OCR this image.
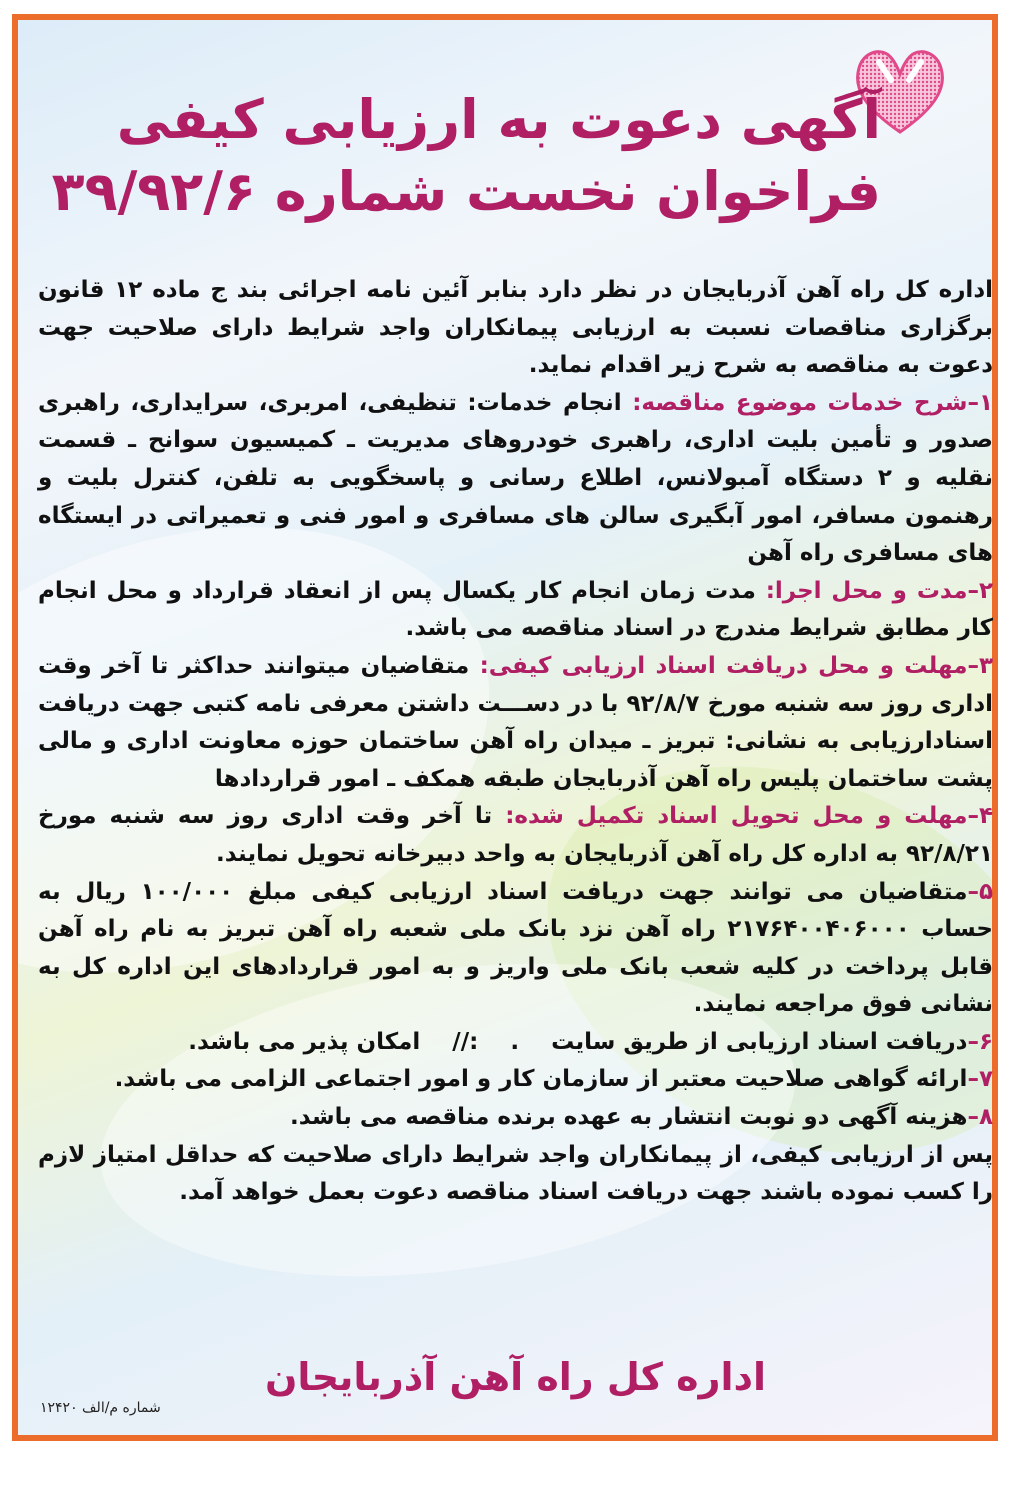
آگهی دعوت به ارزیابی کیفی
فراخوان نخست شماره ۳۹/۹۲/۶

اداره کل راه آهن آذربایجان در نظر دارد بنابر آئین نامه اجرائی بند ج ماده ۱۲ قانون برگزاری مناقصات نسبت به ارزیابی پیمانکاران واجد شرایط دارای صلاحیت جهت دعوت به مناقصه به شرح زیر اقدام نماید.

۱–شرح خدمات موضوع مناقصه: انجام خدمات: تنظیفی، امربری، سرایداری، راهبری صدور و تأمین بلیت اداری، راهبری خودروهای مدیریت ـ کمیسیون سوانح ـ قسمت نقلیه و ۲ دستگاه آمبولانس، اطلاع رسانی و پاسخگویی به تلفن، کنترل بلیت و رهنمون مسافر، امور آبگیری سالن های مسافری و امور فنی و تعمیراتی در ایستگاه های مسافری راه آهن

۲–مدت و محل اجرا: مدت زمان انجام کار یکسال پس از انعقاد قرارداد و محل انجام کار مطابق شرایط مندرج در اسناد مناقصه می باشد.

۳–مهلت و محل دریافت اسناد ارزیابی کیفی: متقاضیان میتوانند حداکثر تا آخر وقت اداری روز سه شنبه مورخ ۹۲/۸/۷ با در دســـت داشتن معرفی نامه کتبی جهت دریافت اسنادارزیابی به نشانی: تبریز ـ میدان راه آهن ساختمان حوزه معاونت اداری و مالی پشت ساختمان پلیس راه آهن آذربایجان طبقه همکف ـ امور قراردادها

۴–مهلت و محل تحویل اسناد تکمیل شده: تا آخر وقت اداری روز سه شنبه مورخ ۹۲/۸/۲۱ به اداره کل راه آهن آذربایجان به واحد دبیرخانه تحویل نمایند.

۵–متقاضیان می توانند جهت دریافت اسناد ارزیابی کیفی مبلغ ۱۰۰/۰۰۰ ریال به حساب ۲۱۷۶۴۰۰۴۰۶۰۰۰ راه آهن نزد بانک ملی شعبه راه آهن تبریز به نام راه آهن قابل پرداخت در کلیه شعب بانک ملی واریز و به امور قراردادهای این اداره کل به نشانی فوق مراجعه نمایند.

۶–دریافت اسناد ارزیابی از طریق سایت    .    ://    امکان پذیر می باشد.

۷–ارائه گواهی صلاحیت معتبر از سازمان کار و امور اجتماعی الزامی می باشد.

۸–هزینه آگهی دو نوبت انتشار به عهده برنده مناقصه می باشد.

پس از ارزیابی کیفی، از پیمانکاران واجد شرایط دارای صلاحیت که حداقل امتیاز لازم را کسب نموده باشند جهت دریافت اسناد مناقصه دعوت بعمل خواهد آمد.

اداره کل راه آهن آذربایجان
شماره م/الف ۱۲۴۲۰
